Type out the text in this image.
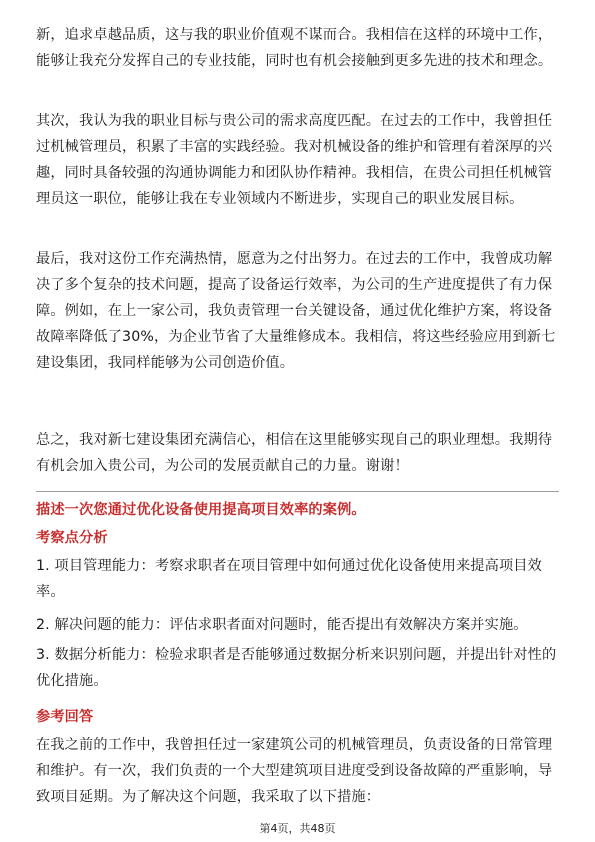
新，追求卓越品质，这与我的职业价值观不谋而合。我相信在这样的环境中工作，能够让我充分发挥自己的专业技能，同时也有机会接触到更多先进的技术和理念。

其次，我认为我的职业目标与贵公司的需求高度匹配。在过去的工作中，我曾担任过机械管理员，积累了丰富的实践经验。我对机械设备的维护和管理有着深厚的兴趣，同时具备较强的沟通协调能力和团队协作精神。我相信，在贵公司担任机械管理员这一职位，能够让我在专业领域内不断进步，实现自己的职业发展目标。

最后，我对这份工作充满热情，愿意为之付出努力。在过去的工作中，我曾成功解决了多个复杂的技术问题，提高了设备运行效率，为公司的生产进度提供了有力保障。例如，在上一家公司，我负责管理一台关键设备，通过优化维护方案，将设备故障率降低了30%，为企业节省了大量维修成本。我相信，将这些经验应用到新七建设集团，我同样能够为公司创造价值。

总之，我对新七建设集团充满信心，相信在这里能够实现自己的职业理想。我期待有机会加入贵公司，为公司的发展贡献自己的力量。谢谢！

描述一次您通过优化设备使用提高项目效率的案例。

考察点分析

1. 项目管理能力：考察求职者在项目管理中如何通过优化设备使用来提高项目效率。

2. 解决问题的能力：评估求职者面对问题时，能否提出有效解决方案并实施。

3. 数据分析能力：检验求职者是否能够通过数据分析来识别问题，并提出针对性的优化措施。

参考回答

在我之前的工作中，我曾担任过一家建筑公司的机械管理员，负责设备的日常管理和维护。有一次，我们负责的一个大型建筑项目进度受到设备故障的严重影响，导致项目延期。为了解决这个问题，我采取了以下措施：

第4页，共48页
